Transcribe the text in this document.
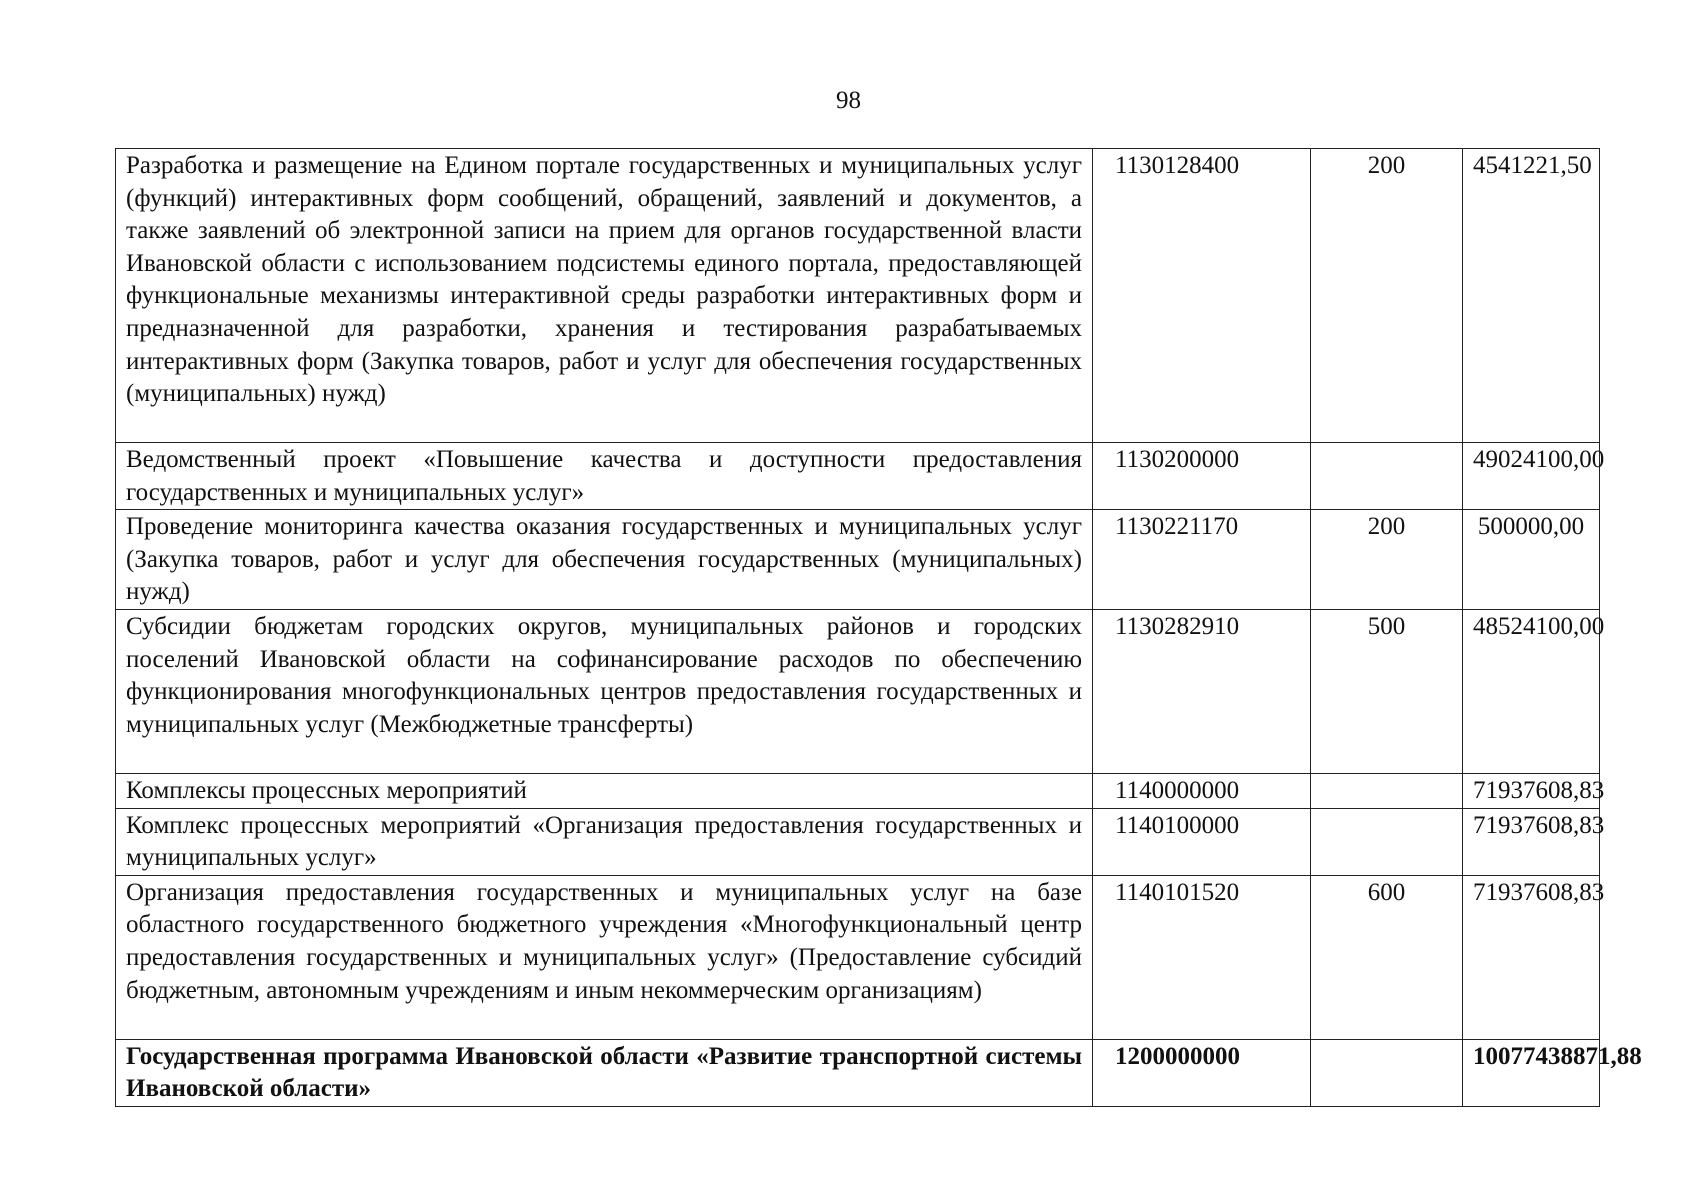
98
Разработка и размещение на Едином портале государственных и муниципальных услуг (функций) интерактивных форм сообщений, обращений, заявлений и документов, а также заявлений об электронной записи на прием для органов государственной власти Ивановской области с использованием подсистемы единого портала, предоставляющей функциональные механизмы интерактивной среды разработки интерактивных форм и предназначенной для разработки, хранения и тестирования разрабатываемых интерактивных форм (Закупка товаров, работ и услуг для обеспечения государственных (муниципальных) нужд)	1130128400	200	4541221,50
Ведомственный проект «Повышение качества и доступности предоставления государственных и муниципальных услуг»	1130200000		49024100,00
Проведение мониторинга качества оказания государственных и муниципальных услуг (Закупка товаров, работ и услуг для обеспечения государственных (муниципальных) нужд)	1130221170	200	500000,00
Субсидии бюджетам городских округов, муниципальных районов и городских поселений Ивановской области на софинансирование расходов по обеспечению функционирования многофункциональных центров предоставления государственных и муниципальных услуг (Межбюджетные трансферты)	1130282910	500	48524100,00
Комплексы процессных мероприятий	1140000000		71937608,83
Комплекс процессных мероприятий «Организация предоставления государственных и муниципальных услуг»	1140100000		71937608,83
Организация предоставления государственных и муниципальных услуг на базе областного государственного бюджетного учреждения «Многофункциональный центр предоставления государственных и муниципальных услуг» (Предоставление субсидий бюджетным, автономным учреждениям и иным некоммерческим организациям)	1140101520	600	71937608,83
Государственная программа Ивановской области «Развитие транспортной системы Ивановской области»	1200000000		10077438871,88
